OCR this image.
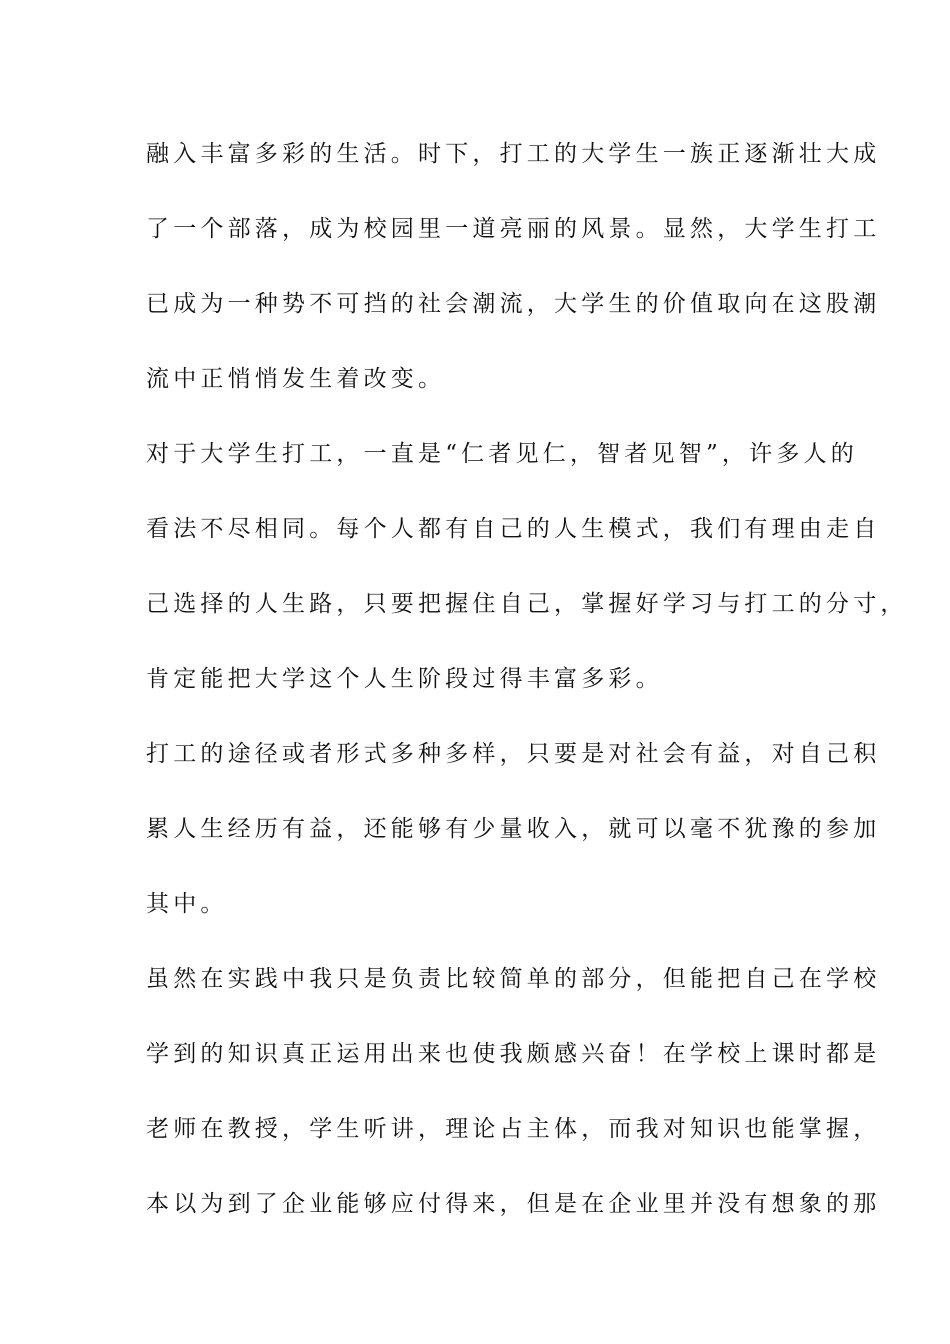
融入丰富多彩的生活。时下，打工的大学生一族正逐渐壮大成
了一个部落，成为校园里一道亮丽的风景。显然，大学生打工
已成为一种势不可挡的社会潮流，大学生的价值取向在这股潮
流中正悄悄发生着改变。
对于大学生打工，一直是“仁者见仁，智者见智”，许多人的
看法不尽相同。每个人都有自己的人生模式，我们有理由走自
己选择的人生路，只要把握住自己，掌握好学习与打工的分寸，
肯定能把大学这个人生阶段过得丰富多彩。
打工的途径或者形式多种多样，只要是对社会有益，对自己积
累人生经历有益，还能够有少量收入，就可以毫不犹豫的参加
其中。
虽然在实践中我只是负责比较简单的部分，但能把自己在学校
学到的知识真正运用出来也使我颇感兴奋！在学校上课时都是
老师在教授，学生听讲，理论占主体，而我对知识也能掌握，
本以为到了企业能够应付得来，但是在企业里并没有想象的那
